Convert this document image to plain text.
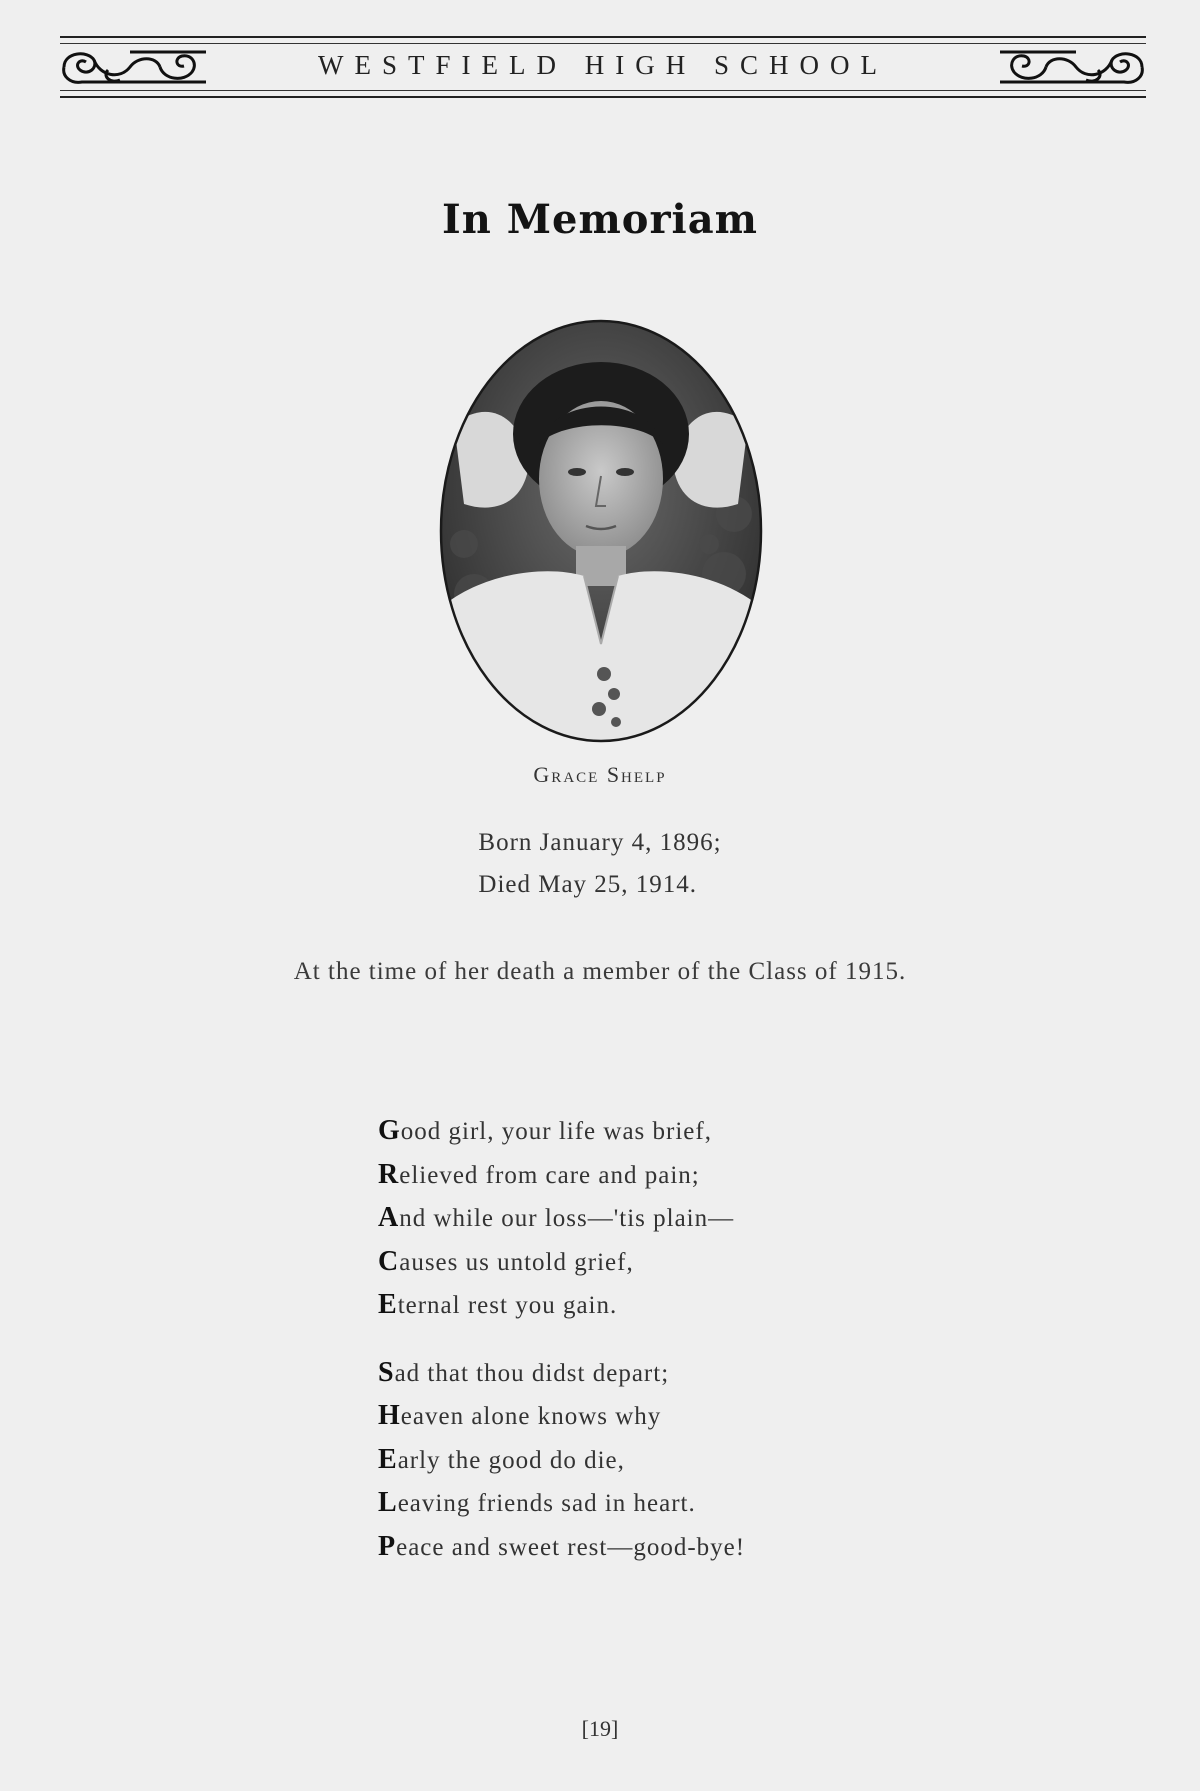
WESTFIELD HIGH SCHOOL
In Memoriam
Grace Shelp
Born January 4, 1896;
Died May 25, 1914.
At the time of her death a member of the Class of 1915.
Good girl, your life was brief,
Relieved from care and pain;
And while our loss—'tis plain—
Causes us untold grief,
Eternal rest you gain.
Sad that thou didst depart;
Heaven alone knows why
Early the good do die,
Leaving friends sad in heart.
Peace and sweet rest—good-bye!
[19]
